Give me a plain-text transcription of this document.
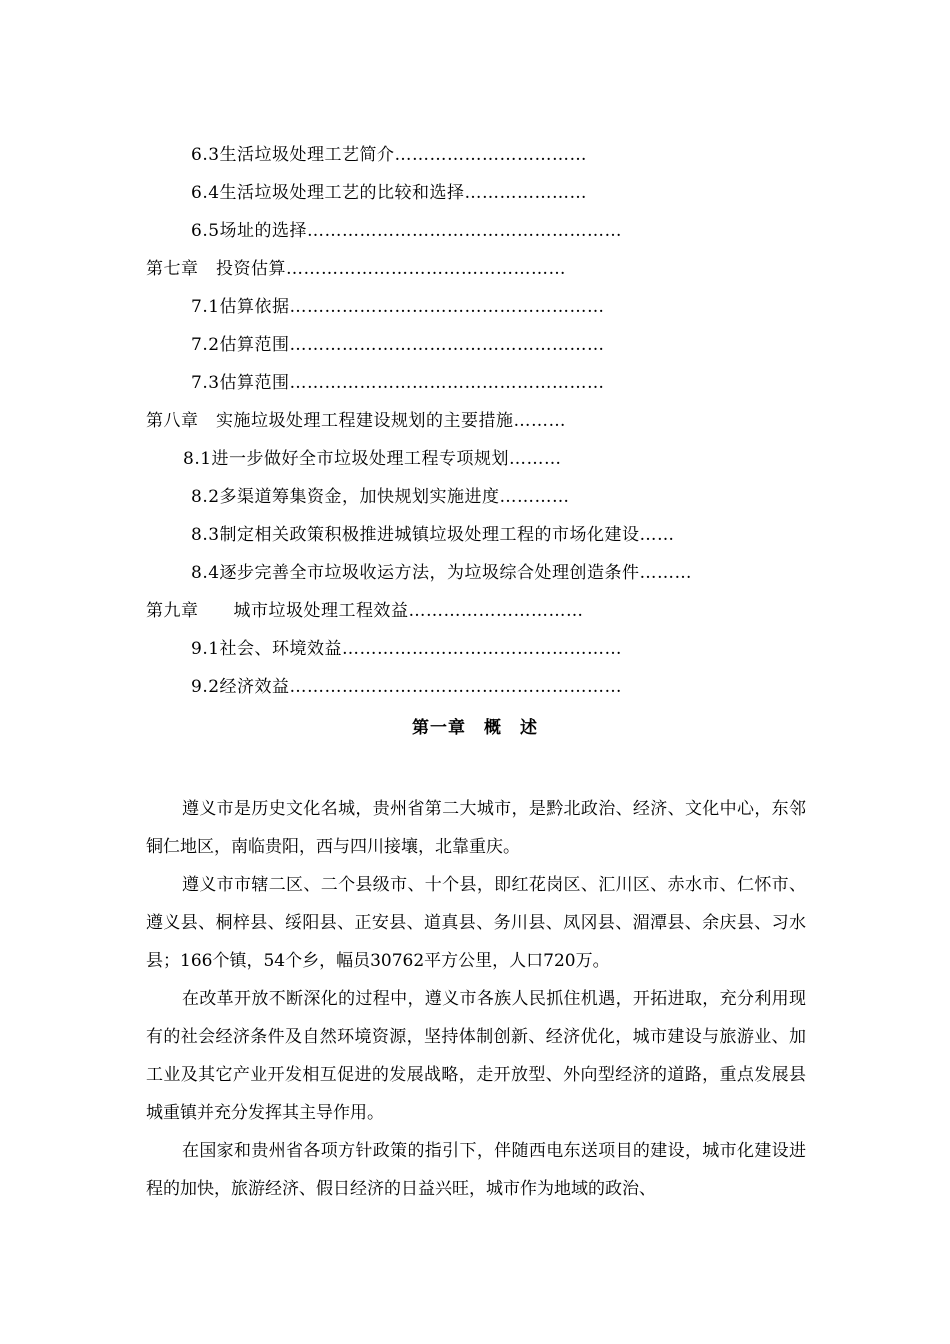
6.3生活垃圾处理工艺简介……………………………
6.4生活垃圾处理工艺的比较和选择…………………
6.5场址的选择………………………………………………
第七章　投资估算…………………………………………
7.1估算依据………………………………………………
7.2估算范围………………………………………………
7.3估算范围………………………………………………
第八章　实施垃圾处理工程建设规划的主要措施………
8.1进一步做好全市垃圾处理工程专项规划………
8.2多渠道筹集资金，加快规划实施进度…………
8.3制定相关政策积极推进城镇垃圾处理工程的市场化建设……
8.4逐步完善全市垃圾收运方法，为垃圾综合处理创造条件………
第九章　　城市垃圾处理工程效益…………………………
9.1社会、环境效益…………………………………………
9.2经济效益…………………………………………………
第一章　概　述

遵义市是历史文化名城，贵州省第二大城市，是黔北政治、经济、文化中心，东邻铜仁地区，南临贵阳，西与四川接壤，北靠重庆。

遵义市市辖二区、二个县级市、十个县，即红花岗区、汇川区、赤水市、仁怀市、遵义县、桐梓县、绥阳县、正安县、道真县、务川县、凤冈县、湄潭县、余庆县、习水县；166个镇，54个乡，幅员30762平方公里，人口720万。

在改革开放不断深化的过程中，遵义市各族人民抓住机遇，开拓进取，充分利用现有的社会经济条件及自然环境资源，坚持体制创新、经济优化，城市建设与旅游业、加工业及其它产业开发相互促进的发展战略，走开放型、外向型经济的道路，重点发展县城重镇并充分发挥其主导作用。

在国家和贵州省各项方针政策的指引下，伴随西电东送项目的建设，城市化建设进程的加快，旅游经济、假日经济的日益兴旺，城市作为地域的政治、
